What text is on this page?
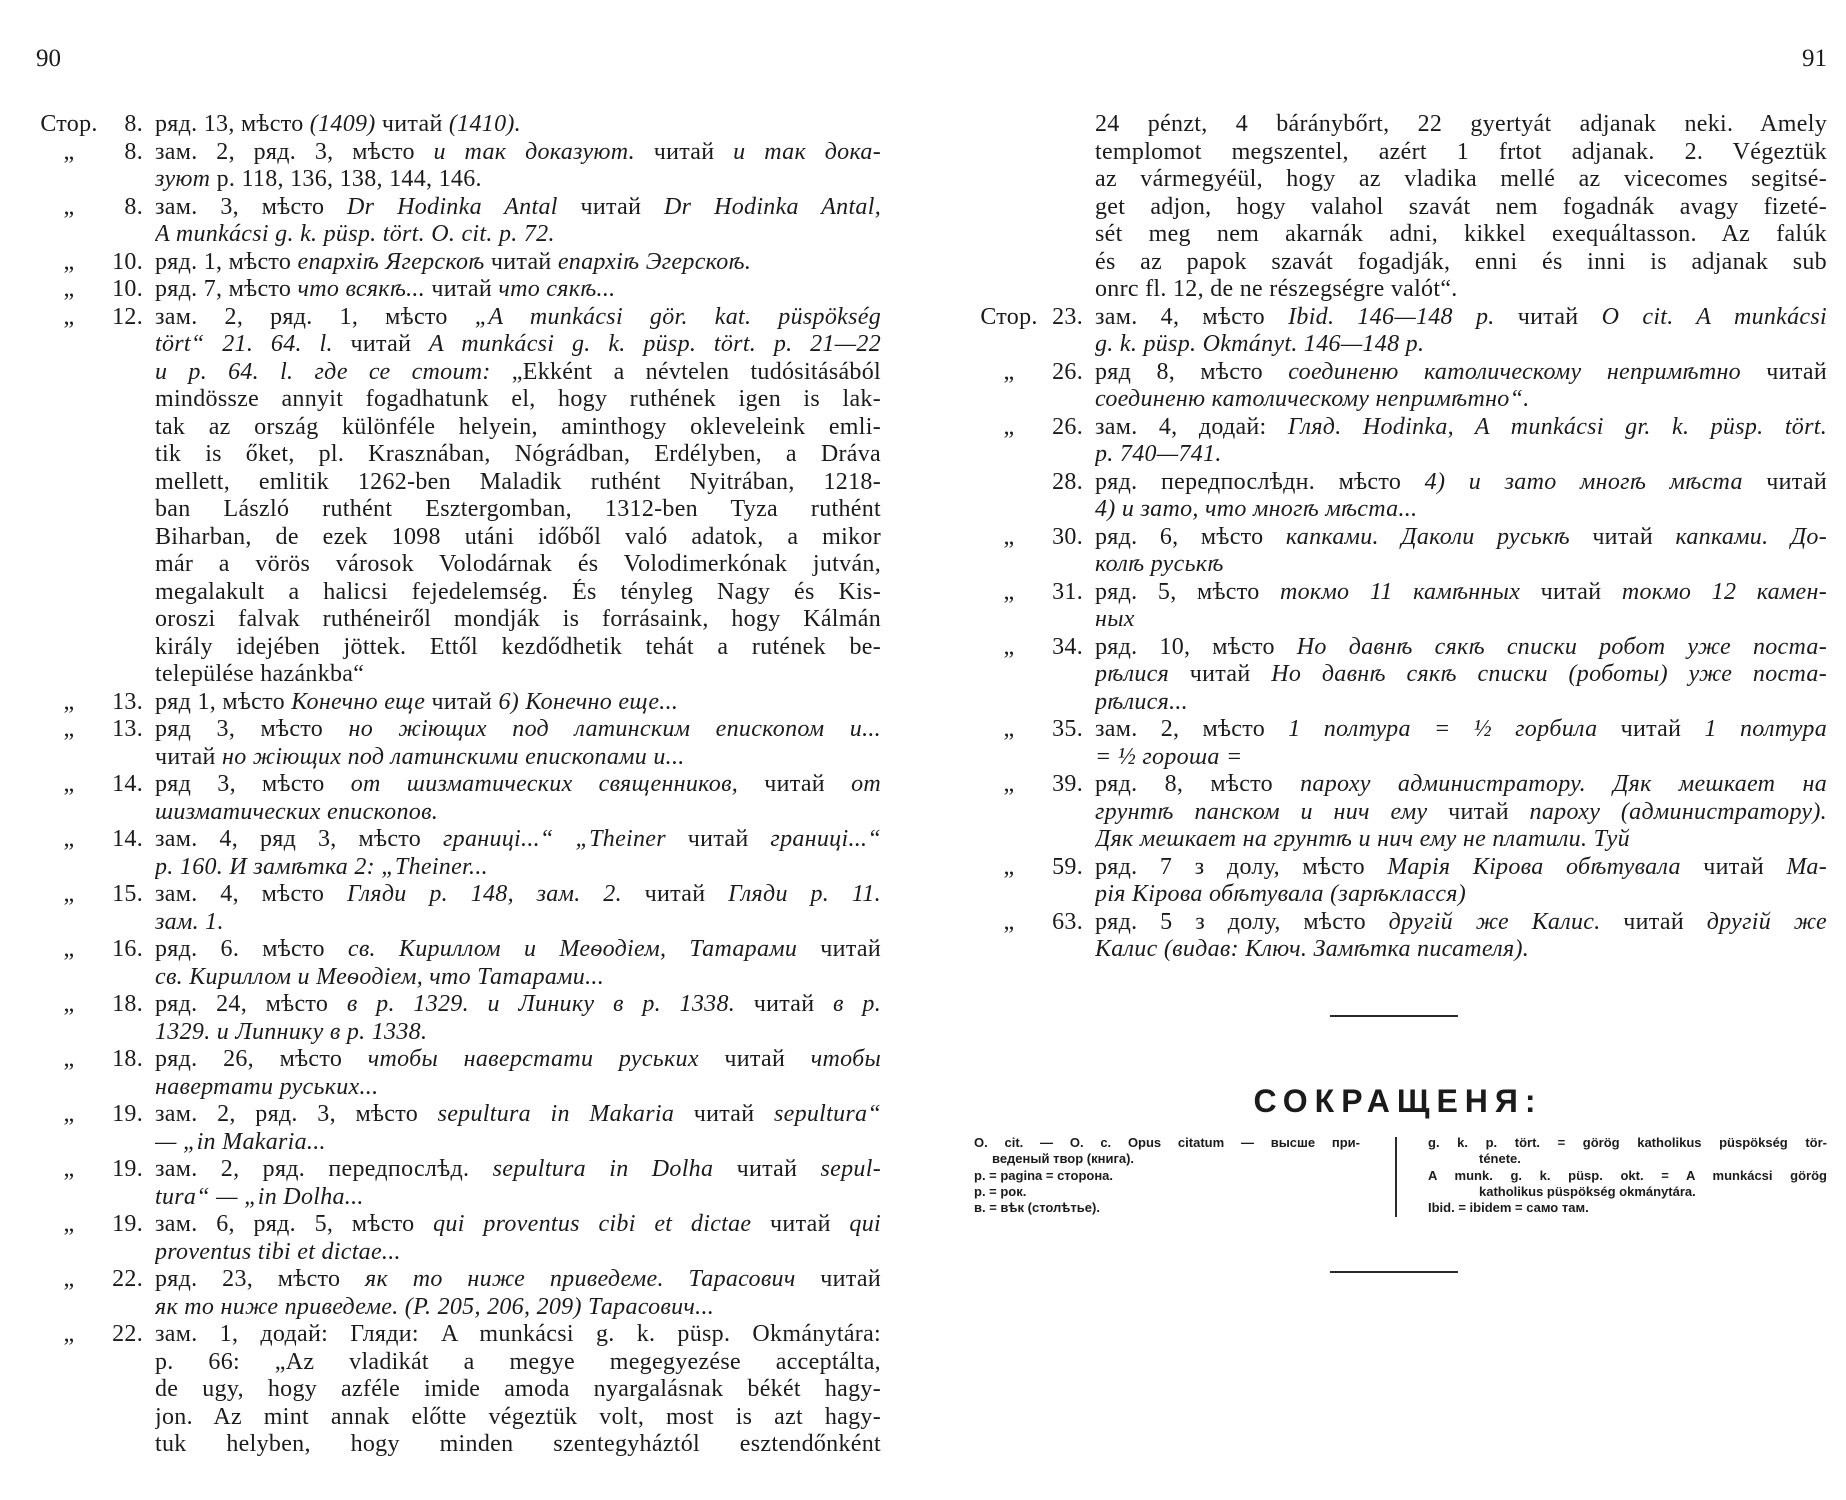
90	91
Стор.	8. ряд. 13, мѣсто (1409) читай (1410).
„	8. зам. 2, ряд. 3, мѣсто и так доказуют. читай и так дока-
зуют p. 118, 136, 138, 144, 146.
„	8. зам. 3, мѣсто Dr Hodinka Antal читай Dr Hodinka Antal,
A munkácsi g. k. püsp. tört. O. cit. p. 72.
„	10. ряд. 1, мѣсто епархіѣ Ягерскоѣ читай епархіѣ Эгерскоѣ.
„	10. ряд. 7, мѣсто что всякѣ... читай что сякѣ...
„	12. зам. 2, ряд. 1, мѣсто „A munkácsi gör. kat. püspökség
tört“ 21. 64. l. читай A munkácsi g. k. püsp. tört. p. 21—22
и p. 64. l. где се стоит: „Ekként a névtelen tudósitásából
mindössze annyit fogadhatunk el, hogy ruthének igen is lak-
tak az ország különféle helyein, aminthogy okleveleink emli-
tik is őket, pl. Krasznában, Nógrádban, Erdélyben, a Dráva
mellett, emlitik 1262-ben Maladik ruthént Nyitrában, 1218-
ban László ruthént Esztergomban, 1312-ben Tyza ruthént
Biharban, de ezek 1098 utáni időből való adatok, a mikor
már a vörös városok Volodárnak és Volodimerkónak jutván,
megalakult a halicsi fejedelemség. És tényleg Nagy és Kis-
oroszi falvak ruthéneiről mondják is forrásaink, hogy Kálmán
király idejében jöttek. Ettől kezdődhetik tehát a rutének be-
települése hazánkba“
„	13. ряд 1, мѣсто Конечно еще читай 6) Конечно еще...
„	13. ряд 3, мѣсто но жіющих под латинским епископом и...
читай но жіющих под латинскими епископами и...
„	14. ряд 3, мѣсто от шизматических священников, читай от
шизматических епископов.
„	14. зам. 4, ряд 3, мѣсто границі...“ „Theiner читай границі...“
p. 160. И замѣтка 2: „Theiner...
„	15. зам. 4, мѣсто Гляди p. 148, зам. 2. читай Гляди p. 11.
зам. 1.
„	16. ряд. 6. мѣсто св. Кириллом и Меѳодіем, Татарами читай
св. Кириллом и Меѳодіем, что Татарами...
„	18. ряд. 24, мѣсто в р. 1329. и Линику в р. 1338. читай в р.
1329. и Липнику в р. 1338.
„	18. ряд. 26, мѣсто чтобы наверстати руських читай чтобы
навертати руських...
„	19. зам. 2, ряд. 3, мѣсто sepultura in Makaria читай sepultura“
— „in Makaria...
„	19. зам. 2, ряд. передпослѣд. sepultura in Dolha читай sepul-
tura“ — „in Dolha...
„	19. зам. 6, ряд. 5, мѣсто qui proventus cibi et dictae читай qui
proventus tibi et dictae...
„	22. ряд. 23, мѣсто як то ниже приведеме. Тарасович читай
як то ниже приведеме. (P. 205, 206, 209) Тарасович...
„	22. зам. 1, додай: Гляди: A munkácsi g. k. püsp. Okmánytára:
p. 66: „Az vladikát a megye megegyezése acceptálta,
de ugy, hogy azféle imide amoda nyargalásnak békét hagy-
jon. Az mint annak előtte végeztük volt, most is azt hagy-
tuk helyben, hogy minden szentegyháztól esztendőnként
24 pénzt, 4 báránybőrt, 22 gyertyát adjanak neki. Amely
templomot megszentel, azért 1 frtot adjanak. 2. Végeztük
az vármegyéül, hogy az vladika mellé az vicecomes segitsé-
get adjon, hogy valahol szavát nem fogadnák avagy fizeté-
sét meg nem akarnák adni, kikkel exequáltasson. Az falúk
és az papok szavát fogadják, enni és inni is adjanak sub
onrc fl. 12, de ne részegségre valót“.
Стор. 23. зам. 4, мѣсто Ibid. 146—148 p. читай O cit. A munkácsi
g. k. püsp. Okmányt. 146—148 p.
„	26. ряд 8, мѣсто соединеню католическому непримѣтно читай
соединеню католическому непримѣтно“.
„	26. зам. 4, додай: Гляд. Hodinka, A munkácsi gr. k. püsp. tört.
p. 740—741.
28. ряд. передпослѣдн. мѣсто 4) и зато многѣ мѣста читай
4) и зато, что многѣ мѣста...
„	30. ряд. 6, мѣсто капками. Даколи руськѣ читай капками. До-
колѣ руськѣ
„	31. ряд. 5, мѣсто токмо 11 камѣнных читай токмо 12 камен-
ных
„	34. ряд. 10, мѣсто Но давнѣ сякѣ списки робот уже поста-
рѣлися читай Но давнѣ сякѣ списки (роботы) уже поста-
рѣлися...
„	35. зам. 2, мѣсто 1 полтура = ½ горбила читай 1 полтура
= ½ гороша =
„	39. ряд. 8, мѣсто пароху администратору. Дяк мешкает на
грунтѣ панском и нич ему читай пароху (администратору).
Дяк мешкает на грунтѣ и нич ему не платили. Туй
„	59. ряд. 7 з долу, мѣсто Марія Кірова обѣтувала читай Ма-
рія Кірова обѣтувала (зарѣкласся)
„	63. ряд. 5 з долу, мѣсто другій же Калис. читай другій же
Калис (видав: Ключ. Замѣтка писателя).
СОКРАЩЕНЯ:
O. cit. — O. c. Opus citatum — высше при-
веденый твор (книга).
p. = pagina = сторона.
р. = рок.
в. = вѣк (столѣтье).
g. k. p. tört. = görög katholikus püspökség tör-
ténete.
A munk. g. k. püsp. okt. = A munkácsi görög
katholikus püspökség okmánytára.
Ibid. = ibidem = само там.
